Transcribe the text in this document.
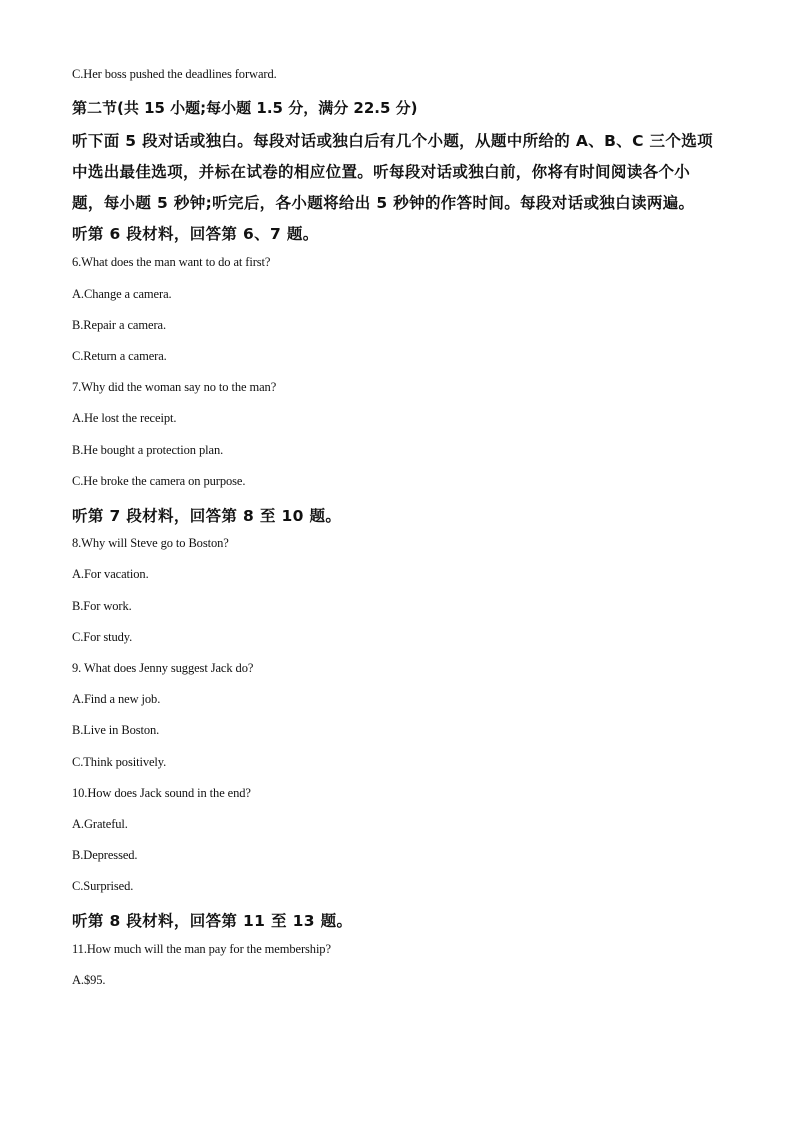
C.Her boss pushed the deadlines forward.

第二节(共 15 小题;每小题 1.5 分，满分 22.5 分)

听下面 5 段对话或独白。每段对话或独白后有几个小题，从题中所给的 A、B、C 三个选项

中选出最佳选项，并标在试卷的相应位置。听每段对话或独白前，你将有时间阅读各个小

题，每小题 5 秒钟;听完后，各小题将给出 5 秒钟的作答时间。每段对话或独白读两遍。

听第 6 段材料，回答第 6、7 题。

6.What does the man want to do at first?

A.Change a camera.

B.Repair a camera.

C.Return a camera.

7.Why did the woman say no to the man?

A.He lost the receipt.

B.He bought a protection plan.

C.He broke the camera on purpose.

听第 7 段材料，回答第 8 至 10 题。

8.Why will Steve go to Boston?

A.For vacation.

B.For work.

C.For study.

9. What does Jenny suggest Jack do?

A.Find a new job.

B.Live in Boston.

C.Think positively.

10.How does Jack sound in the end?

A.Grateful.

B.Depressed.

C.Surprised.

听第 8 段材料，回答第 11 至 13 题。

11.How much will the man pay for the membership?

A.$95.
